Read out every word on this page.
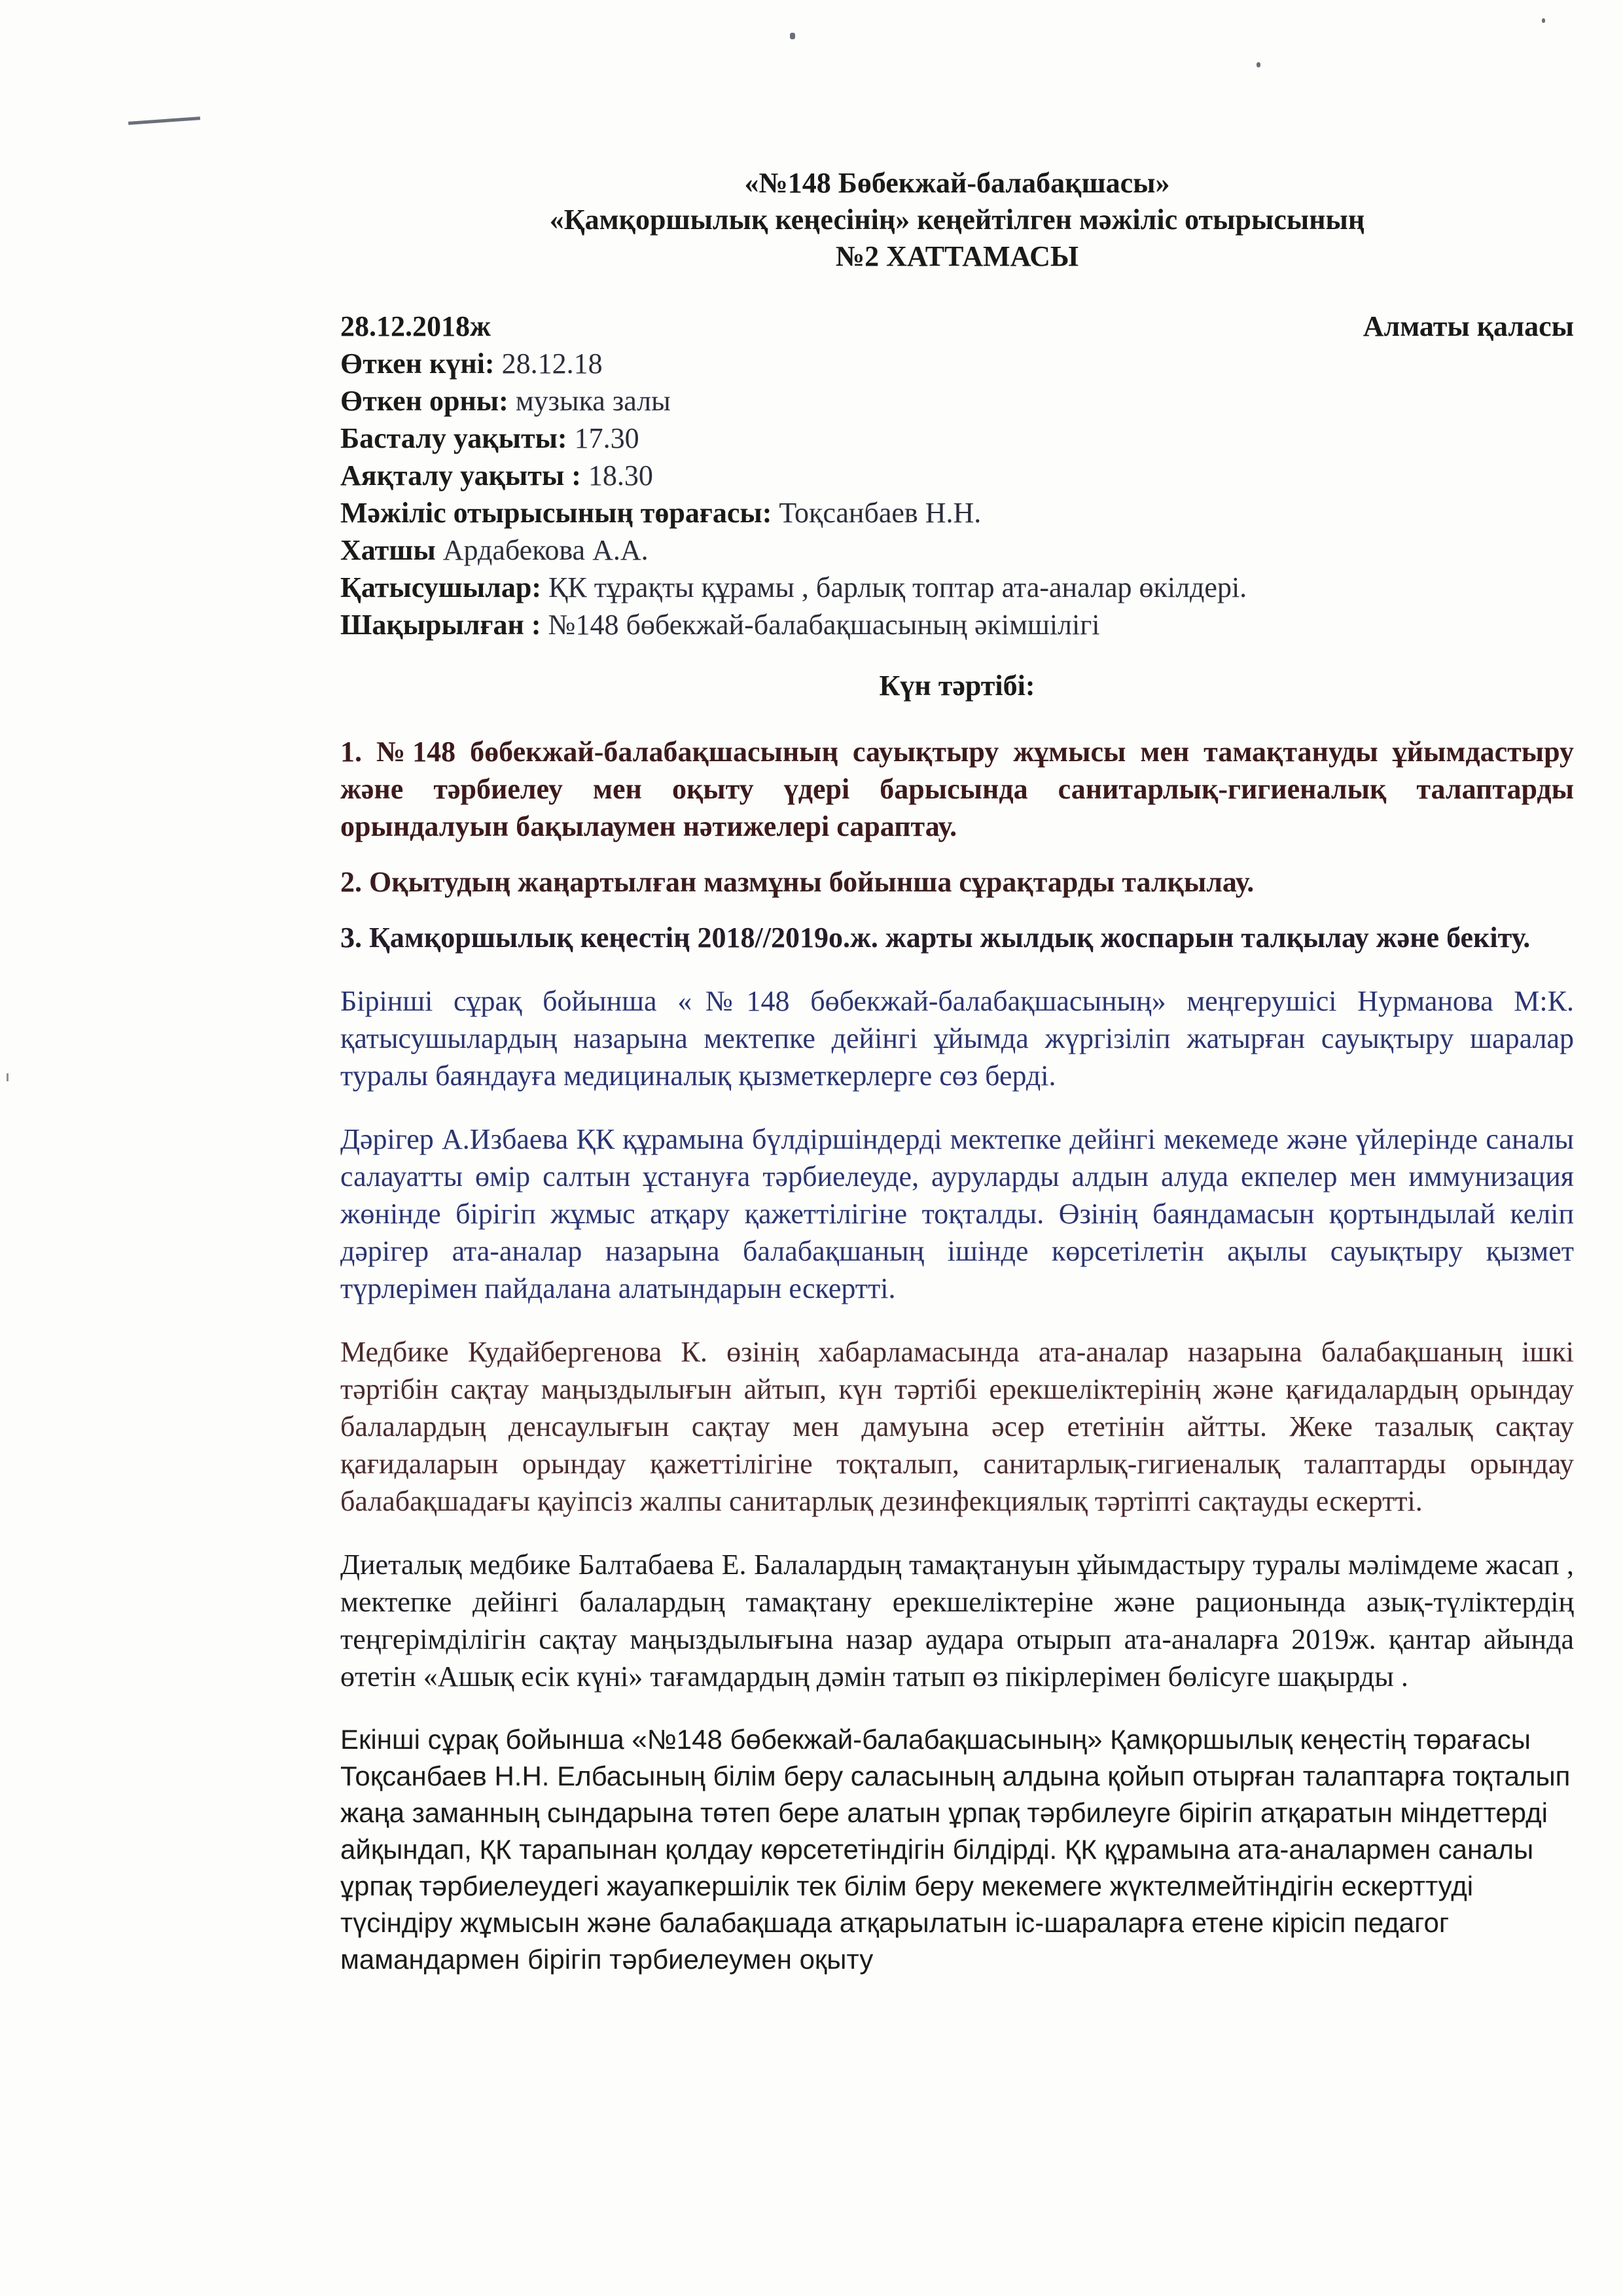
«№148 Бөбекжай-балабақшасы»
«Қамқоршылық кеңесінің» кеңейтілген мәжіліс отырысының
№2 ХАТТАМАСЫ
28.12.2018ж	Алматы қаласы
Өткен күні: 28.12.18
Өткен орны: музыка залы
Басталу уақыты: 17.30
Аяқталу уақыты : 18.30
Мәжіліс отырысының төрағасы: Тоқсанбаев Н.Н.
Хатшы Ардабекова А.А.
Қатысушылар: ҚК тұрақты құрамы , барлық топтар ата-аналар өкілдері.
Шақырылған : №148 бөбекжай-балабақшасының әкімшілігі
Күн тәртібі:

1. №148 бөбекжай-балабақшасының сауықтыру жұмысы мен тамақтануды ұйымдастыру және тәрбиелеу мен оқыту үдері барысында санитарлық-гигиеналық талаптарды орындалуын бақылаумен нәтижелері сараптау.

2. Оқытудың жаңартылған мазмұны бойынша сұрақтарды талқылау.

3. Қамқоршылық кеңестің 2018//2019о.ж. жарты жылдық жоспарын талқылау және бекіту.

Бірінші сұрақ бойынша «№148 бөбекжай-балабақшасының» меңгерушісі Нурманова М:К. қатысушылардың назарына мектепке дейінгі ұйымда жүргізіліп жатырған сауықтыру шаралар туралы баяндауға медициналық қызметкерлерге сөз берді.

Дәрігер А.Избаева ҚК құрамына бүлдіршіндерді мектепке дейінгі мекемеде және үйлерінде саналы салауатты өмір салтын ұстануға тәрбиелеуде, ауруларды алдын алуда екпелер мен иммунизация жөнінде бірігіп жұмыс атқару қажеттілігіне тоқталды. Өзінің баяндамасын қортындылай келіп дәрігер ата-аналар назарына балабақшаның ішінде көрсетілетін ақылы сауықтыру қызмет түрлерімен пайдалана алатындарын ескертті.

Медбике Кудайбергенова К. өзінің хабарламасында ата-аналар назарына балабақшаның ішкі тәртібін сақтау маңыздылығын айтып, күн тәртібі ерекшеліктерінің және қағидалардың орындау балалардың денсаулығын сақтау мен дамуына әсер ететінін айтты. Жеке тазалық сақтау қағидаларын орындау қажеттілігіне тоқталып, санитарлық-гигиеналық талаптарды орындау балабақшадағы қауіпсіз жалпы санитарлық дезинфекциялық тәртіпті сақтауды ескертті.

Диеталық медбике Балтабаева Е. Балалардың тамақтануын ұйымдастыру туралы мәлімдеме жасап , мектепке дейінгі балалардың тамақтану ерекшеліктеріне және рационында азық-түліктердің теңгерімділігін сақтау маңыздылығына назар аудара отырып ата-аналарға 2019ж. қантар айында өтетін «Ашық есік күні» тағамдардың дәмін татып өз пікірлерімен бөлісуге шақырды .

Екінші сұрақ бойынша «№148 бөбекжай-балабақшасының» Қамқоршылық кеңестің төрағасы Тоқсанбаев Н.Н. Елбасының білім беру саласының алдына қойып отырған талаптарға тоқталып жаңа заманның сындарына төтеп бере алатын ұрпақ тәрбилеуге бірігіп атқаратын міндеттерді айқындап, ҚК тарапынан қолдау көрсететіндігін білдірді. ҚК құрамына ата-аналармен саналы ұрпақ тәрбиелеудегі жауапкершілік тек білім беру мекемеге жүктелмейтіндігін ескерттуді түсіндіру жұмысын және балабақшада атқарылатын іс-шараларға етене кірісіп педагог мамандармен бірігіп тәрбиелеумен оқыту
